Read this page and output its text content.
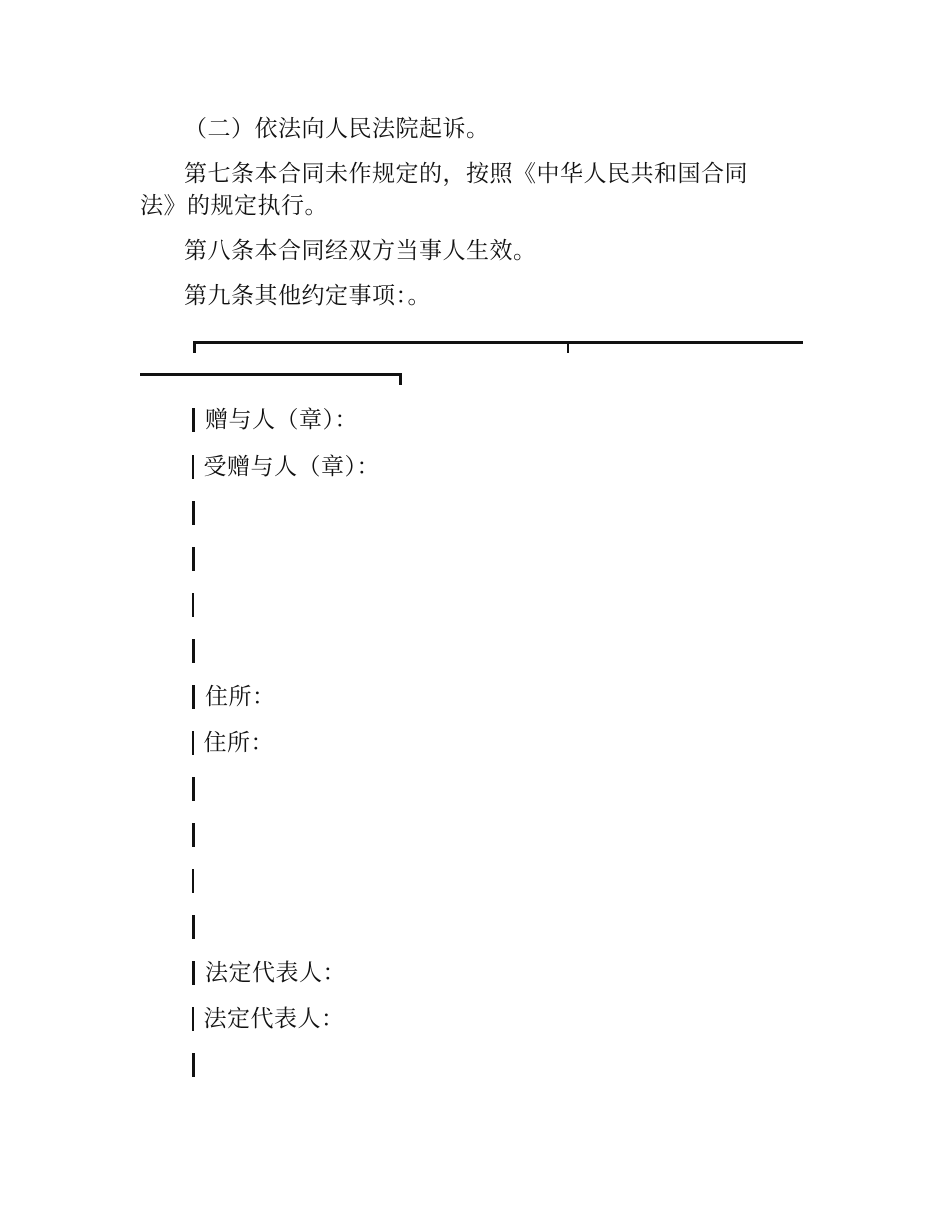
（二）依法向人民法院起诉。
第七条本合同未作规定的，按照《中华人民共和国合同
法》的规定执行。
第八条本合同经双方当事人生效。
第九条其他约定事项：。
赠与人（章）：
受赠与人（章）：
住所：
住所：
法定代表人：
法定代表人：
